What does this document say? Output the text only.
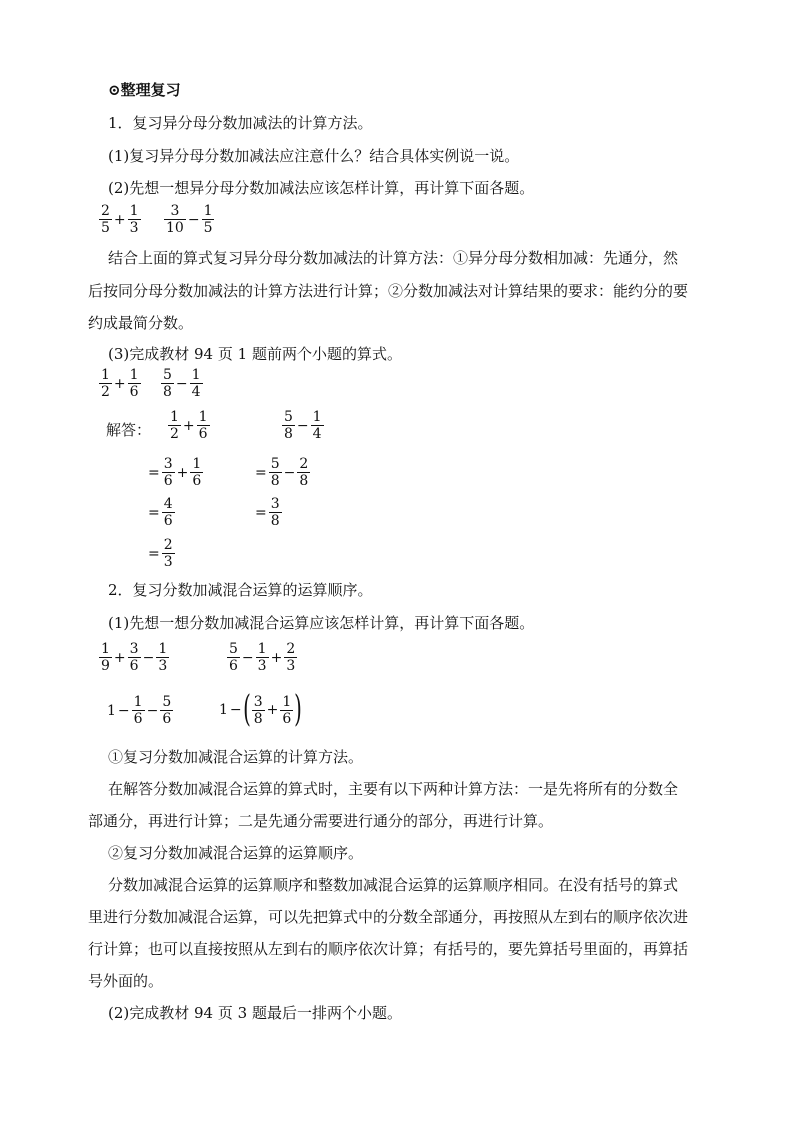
⊙整理复习
1．复习异分母分数加减法的计算方法。
(1)复习异分母分数加减法应注意什么？结合具体实例说一说。
(2)先想一想异分母分数加减法应该怎样计算，再计算下面各题。
$\frac{2}{5} + \frac{1}{3} \frac{3}{10} - \frac{1}{5}$
结合上面的算式复习异分母分数加减法的计算方法：①异分母分数相加减：先通分，然
后按同分母分数加减法的计算方法进行计算；②分数加减法对计算结果的要求：能约分的要
约成最简分数。
(3)完成教材 94 页 1 题前两个小题的算式。
$\frac{1}{2} + \frac{1}{6} \frac{5}{8} - \frac{1}{4}$
解答： $\frac{1}{2} + \frac{1}{6}$
= $\frac{3}{6} + \frac{1}{6}$
= $\frac{4}{6}$
= $\frac{2}{3}$
$\frac{5}{8} - \frac{1}{4}$
= $\frac{5}{8} - \frac{2}{8}$
= $\frac{3}{8}$
2．复习分数加减混合运算的运算顺序。
(1)先想一想分数加减混合运算应该怎样计算，再计算下面各题。
$\frac{1}{9} + \frac{3}{6} - \frac{1}{3}$	$\frac{5}{6} - \frac{1}{3} + \frac{2}{3}$
$1 - \frac{1}{6} - \frac{5}{6}$	1 −( $\frac{3}{8} + \frac{1}{6}$ )
①复习分数加减混合运算的计算方法。
在解答分数加减混合运算的算式时，主要有以下两种计算方法：一是先将所有的分数全
部通分，再进行计算；二是先通分需要进行通分的部分，再进行计算。
②复习分数加减混合运算的运算顺序。
分数加减混合运算的运算顺序和整数加减混合运算的运算顺序相同。在没有括号的算式
里进行分数加减混合运算，可以先把算式中的分数全部通分，再按照从左到右的顺序依次进
行计算；也可以直接按照从左到右的顺序依次计算；有括号的，要先算括号里面的，再算括
号外面的。
(2)完成教材 94 页 3 题最后一排两个小题。
